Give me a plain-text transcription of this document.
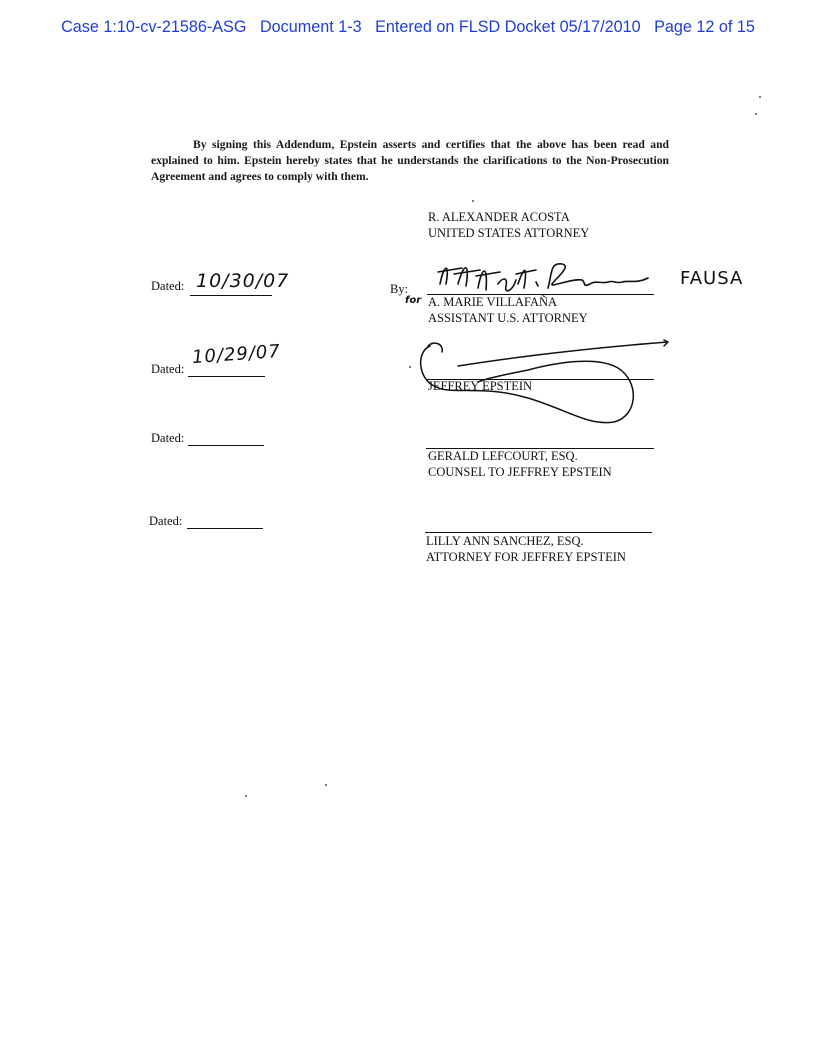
Case 1:10-cv-21586-ASG Document 1-3 Entered on FLSD Docket 05/17/2010 Page 12 of 15

By signing this Addendum, Epstein asserts and certifies that the above has been read and explained to him. Epstein hereby states that he understands the clarifications to the Non-Prosecution Agreement and agrees to comply with them.

R. ALEXANDER ACOSTA
UNITED STATES ATTORNEY
Dated: 10/30/07	By:
for
FAUSA
A. MARIE VILLAFAÑA
ASSISTANT U.S. ATTORNEY
Dated:
10/29/07
JEFFREY EPSTEIN
Dated:
GERALD LEFCOURT, ESQ.
COUNSEL TO JEFFREY EPSTEIN
Dated:
LILLY ANN SANCHEZ, ESQ.
ATTORNEY FOR JEFFREY EPSTEIN
